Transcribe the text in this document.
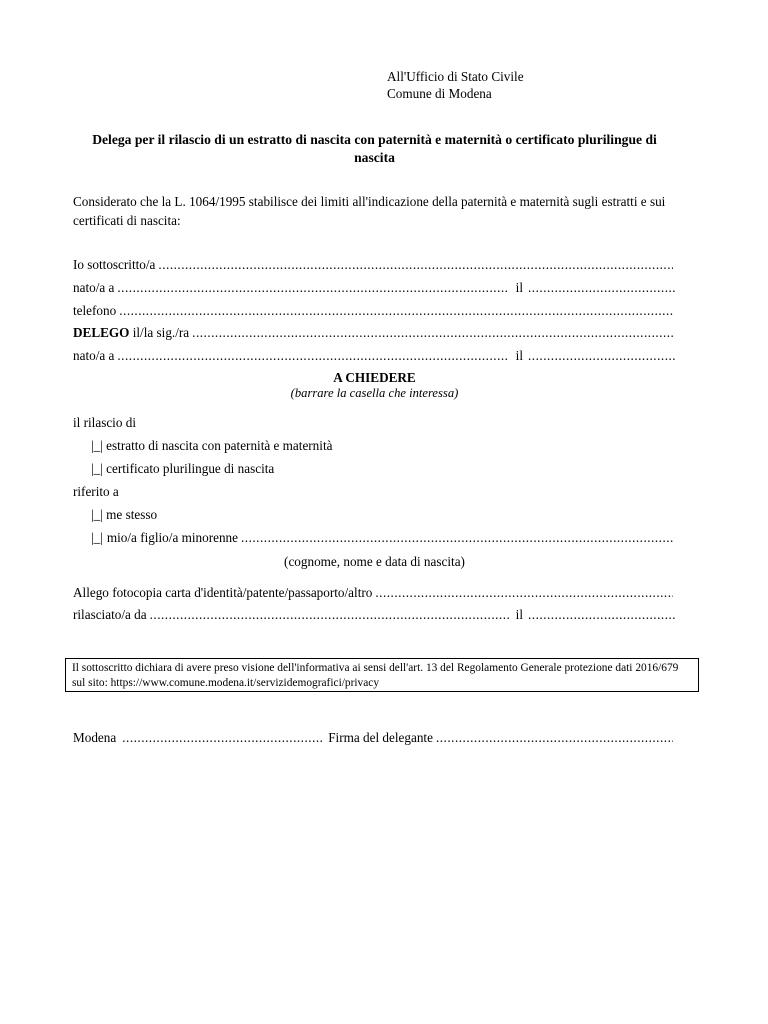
All'Ufficio di Stato Civile
Comune di Modena
Delega per il rilascio di un estratto di nascita con paternità e maternità o certificato plurilingue di nascita
Considerato che la L. 1064/1995 stabilisce dei limiti all'indicazione della paternità e maternità sugli estratti e sui certificati di nascita:
Io sottoscritto/a
.....
nato/a a .....	il
.....
telefono
.....
DELEGO il/la sig./ra
.....
nato/a a .....	il
.....
A CHIEDERE
(barrare la casella che interessa)
il rilascio di
|_| estratto di nascita con paternità e maternità
|_| certificato plurilingue di nascita
riferito a
|_| me stesso
|_| mio/a figlio/a minorenne
.....
(cognome, nome e data di nascita)
Allego fotocopia carta d'identità/patente/passaporto/altro
.....
rilasciato/a da .....	il
.....
Il sottoscritto dichiara di avere preso visione dell'informativa ai sensi dell'art. 13 del Regolamento Generale protezione dati 2016/679 sul sito: https://www.comune.modena.it/servizidemografici/privacy
Modena .....	Firma del delegante
.....
